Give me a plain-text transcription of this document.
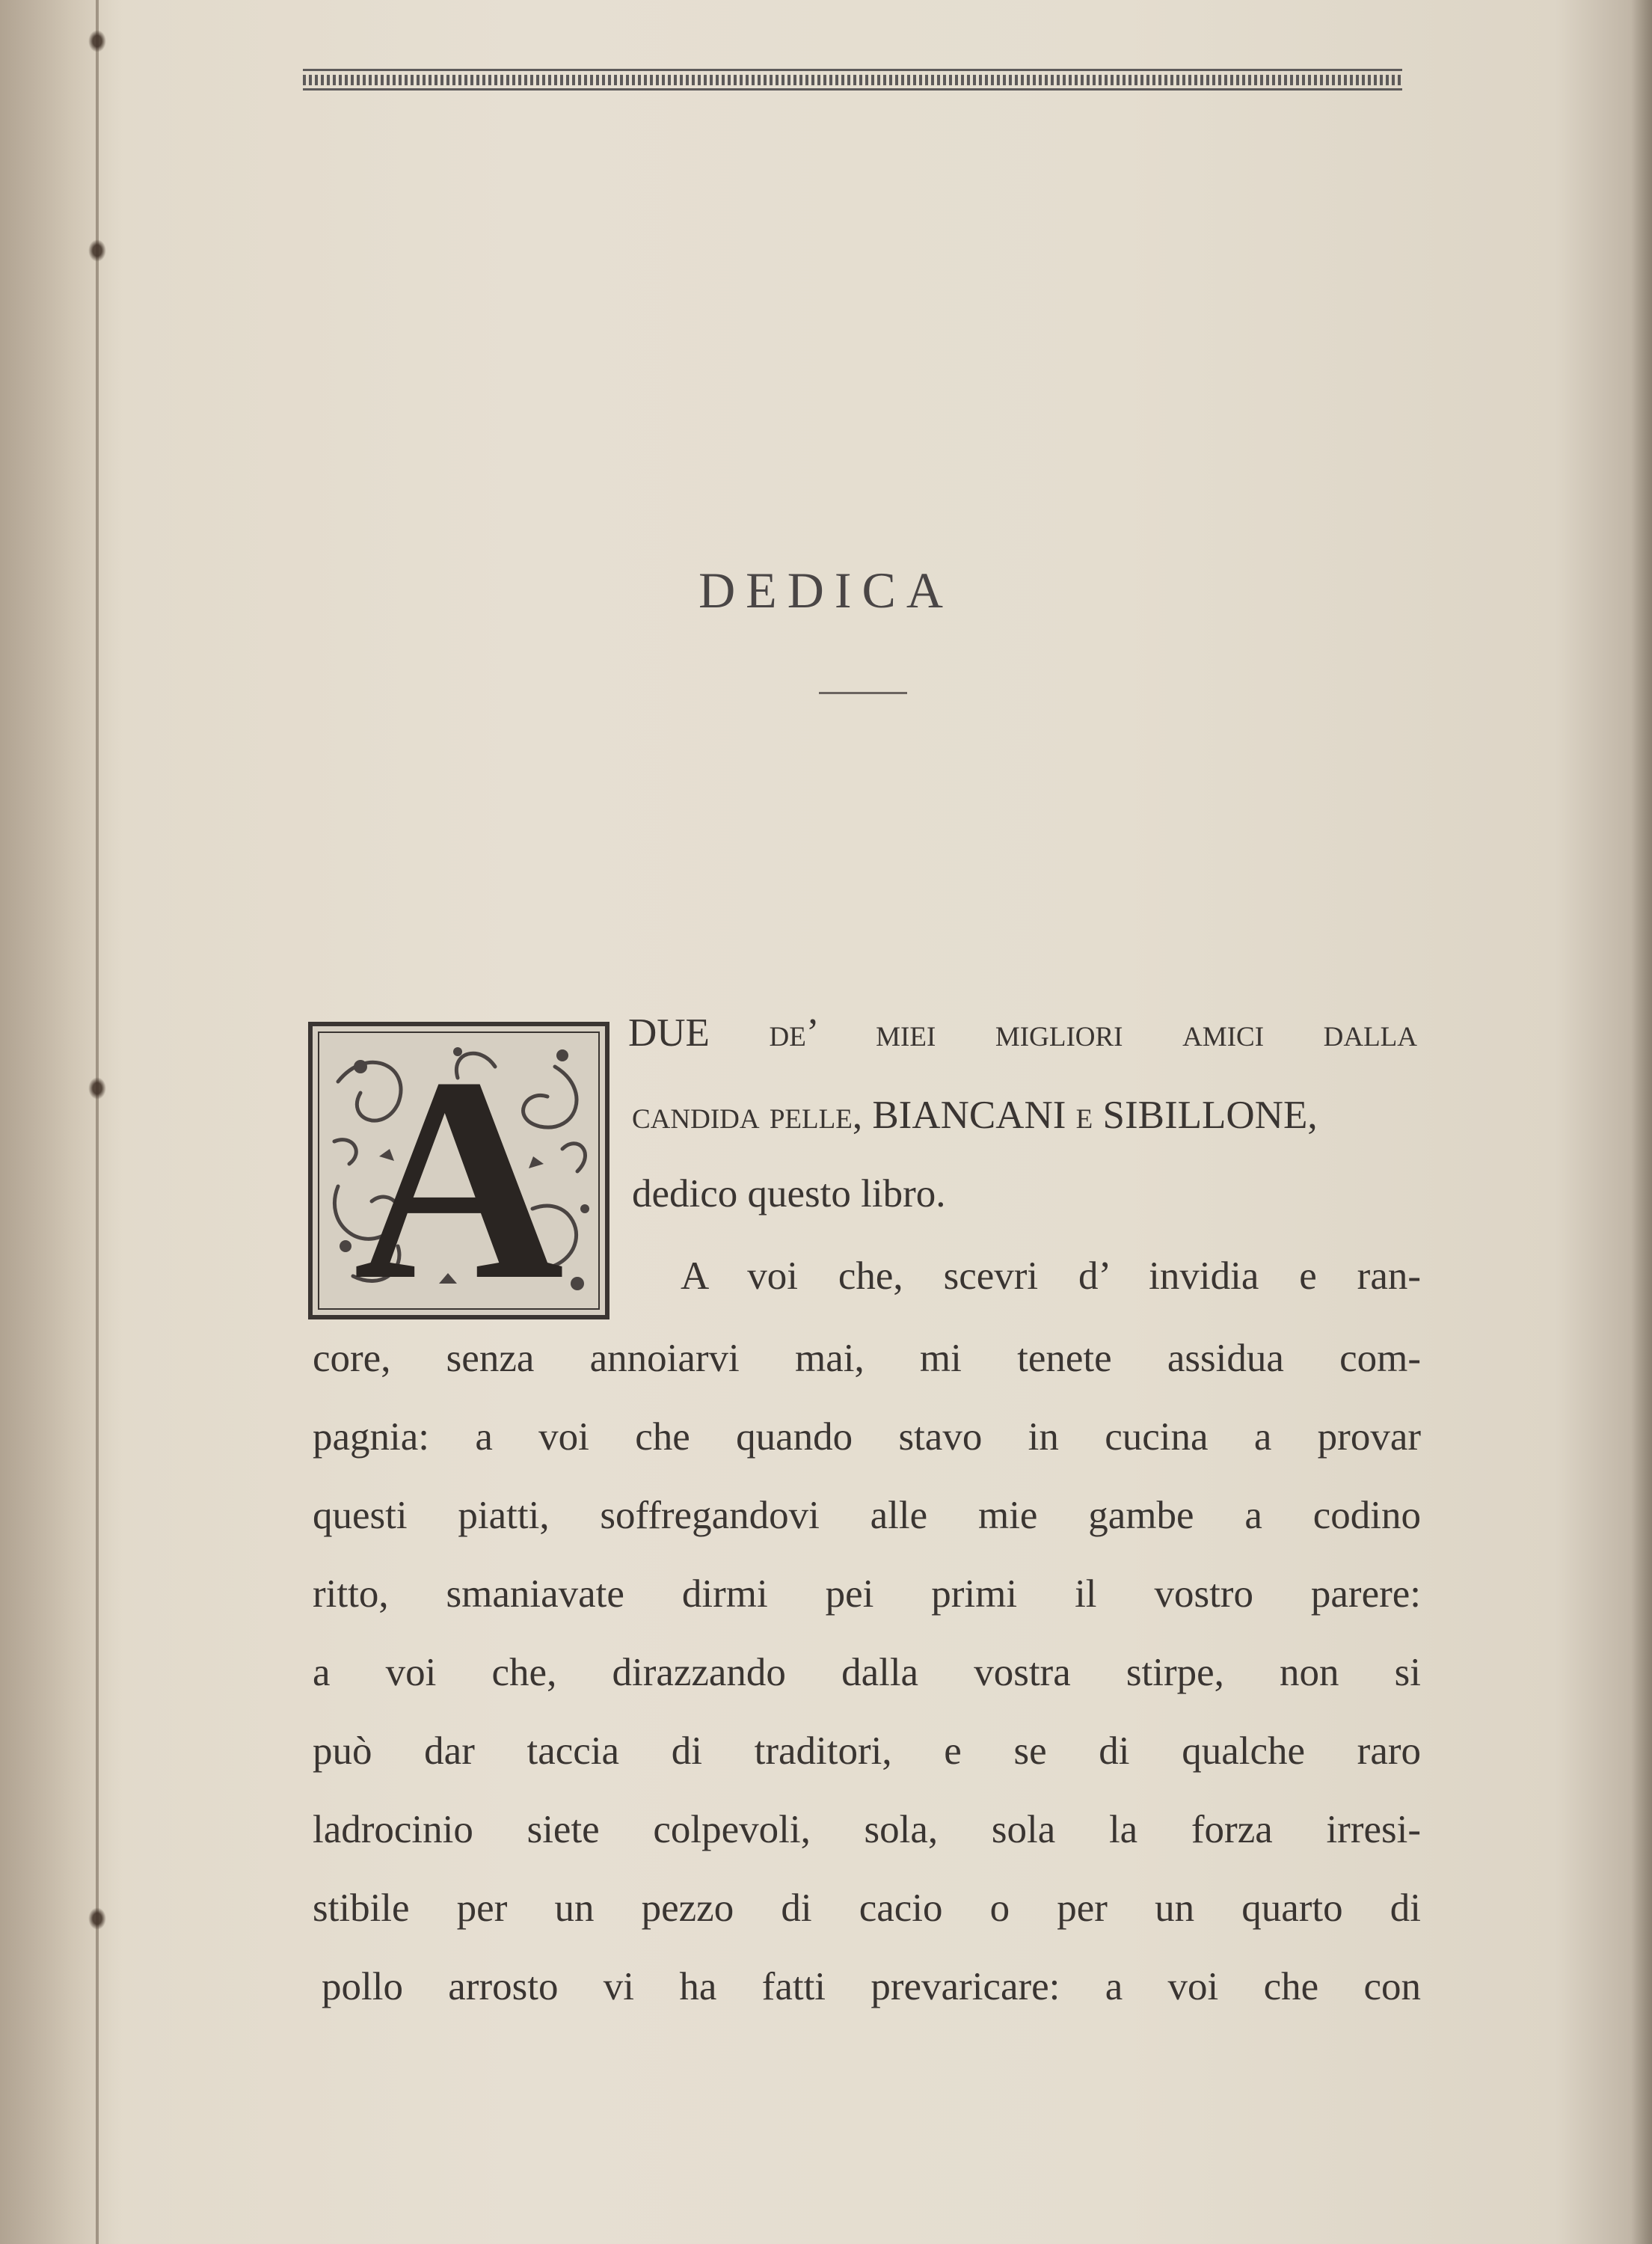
DEDICA
A	DUE de’ miei migliori amici dalla
candida pelle, BIANCANI e SIBILLONE,
dedico questo libro.
A voi che, scevri d’ invidia e ran-
core, senza annoiarvi mai, mi tenete assidua com-
pagnia: a voi che quando stavo in cucina a provar
questi piatti, soffregandovi alle mie gambe a codino
ritto, smaniavate dirmi pei primi il vostro parere:
a voi che, dirazzando dalla vostra stirpe, non si
può dar taccia di traditori, e se di qualche raro
ladrocinio siete colpevoli, sola, sola la forza irresi-
stibile per un pezzo di cacio o per un quarto di
pollo arrosto vi ha fatti prevaricare: a voi che con
